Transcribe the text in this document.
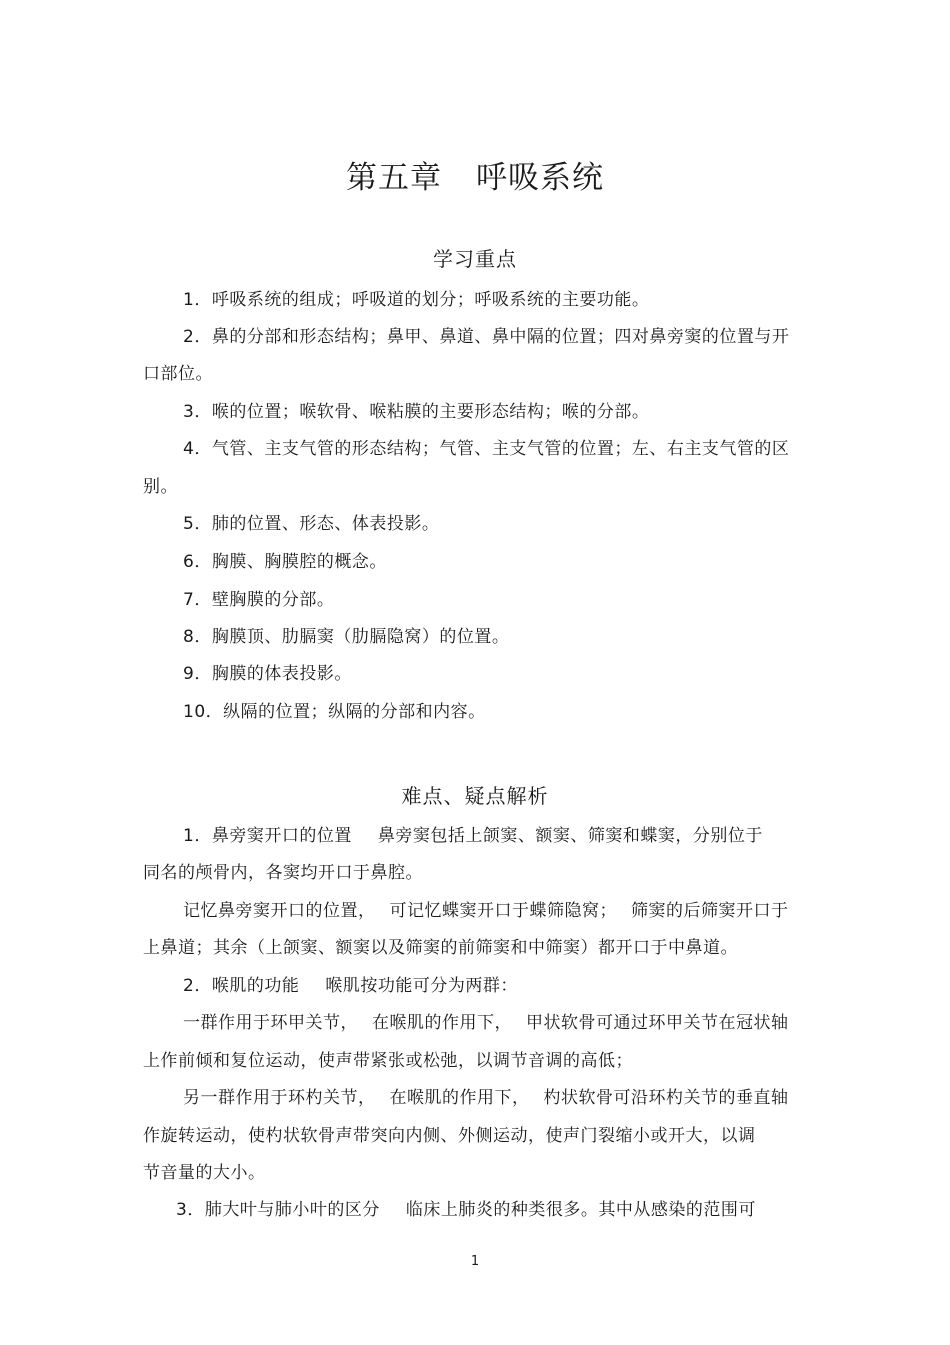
第五章 呼吸系统
学习重点
1．呼吸系统的组成；呼吸道的划分；呼吸系统的主要功能。
2．鼻的分部和形态结构；鼻甲、鼻道、鼻中隔的位置；四对鼻旁窦的位置与开
口部位。
3．喉的位置；喉软骨、喉粘膜的主要形态结构；喉的分部。
4．气管、主支气管的形态结构；气管、主支气管的位置；左、右主支气管的区
别。
5．肺的位置、形态、体表投影。
6．胸膜、胸膜腔的概念。
7．壁胸膜的分部。
8．胸膜顶、肋膈窦（肋膈隐窝）的位置。
9．胸膜的体表投影。
10．纵隔的位置；纵隔的分部和内容。
难点、疑点解析
1．鼻旁窦开口的位置 鼻旁窦包括上颌窦、额窦、筛窦和蝶窦，分别位于
同名的颅骨内，各窦均开口于鼻腔。
记忆鼻旁窦开口的位置， 可记忆蝶窦开口于蝶筛隐窝； 筛窦的后筛窦开口于
上鼻道；其余（上颌窦、额窦以及筛窦的前筛窦和中筛窦）都开口于中鼻道。
2．喉肌的功能 喉肌按功能可分为两群：
一群作用于环甲关节， 在喉肌的作用下， 甲状软骨可通过环甲关节在冠状轴
上作前倾和复位运动，使声带紧张或松弛，以调节音调的高低；
另一群作用于环杓关节， 在喉肌的作用下， 杓状软骨可沿环杓关节的垂直轴
作旋转运动，使杓状软骨声带突向内侧、外侧运动，使声门裂缩小或开大，以调
节音量的大小。
3．肺大叶与肺小叶的区分 临床上肺炎的种类很多。其中从感染的范围可
1
